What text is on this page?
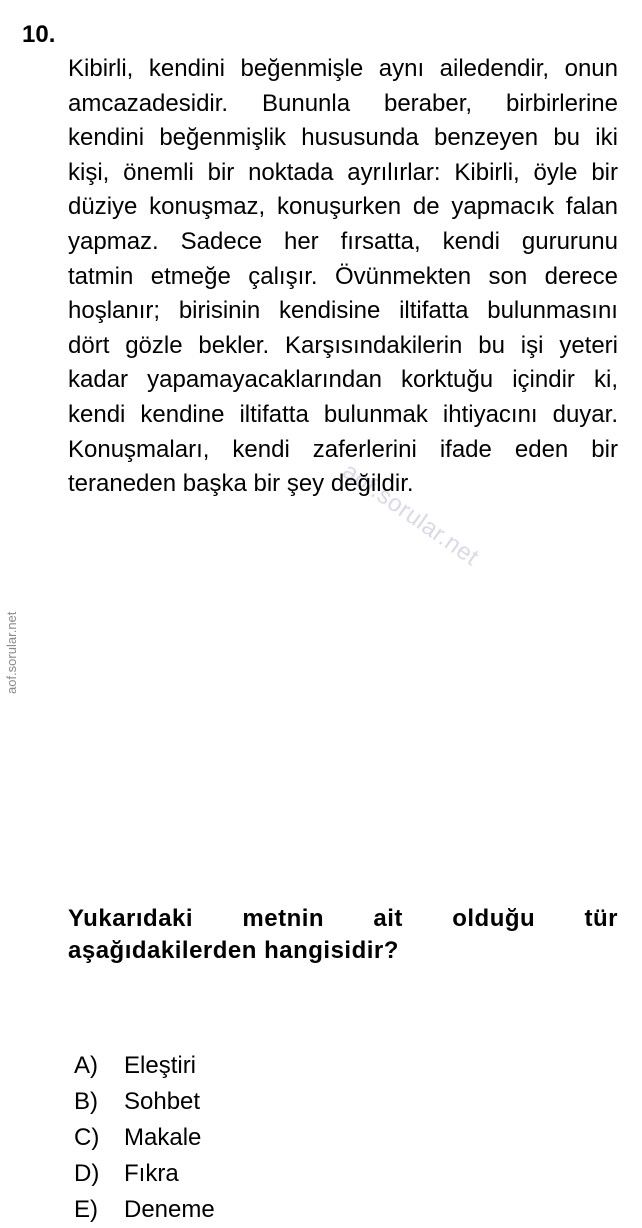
aof.sorular.net
aof.sorular.net
10.
Kibirli, kendini beğenmişle aynı ailedendir, onun
amcazadesidir. Bununla beraber, birbirlerine
kendini beğenmişlik hususunda benzeyen bu iki
kişi, önemli bir noktada ayrılırlar: Kibirli, öyle bir
düziye konuşmaz, konuşurken de yapmacık falan
yapmaz. Sadece her fırsatta, kendi gururunu
tatmin etmeğe çalışır. Övünmekten son derece
hoşlanır; birisinin kendisine iltifatta bulunmasını
dört gözle bekler. Karşısındakilerin bu işi yeteri
kadar yapamayacaklarından korktuğu içindir ki,
kendi kendine iltifatta bulunmak ihtiyacını duyar.
Konuşmaları, kendi zaferlerini ifade eden bir
teraneden başka bir şey değildir.
Yukarıdaki metnin ait olduğu tür
aşağıdakilerden hangisidir?
A)	Eleştiri
B)	Sohbet
C)	Makale
D)	Fıkra
E)	Deneme
